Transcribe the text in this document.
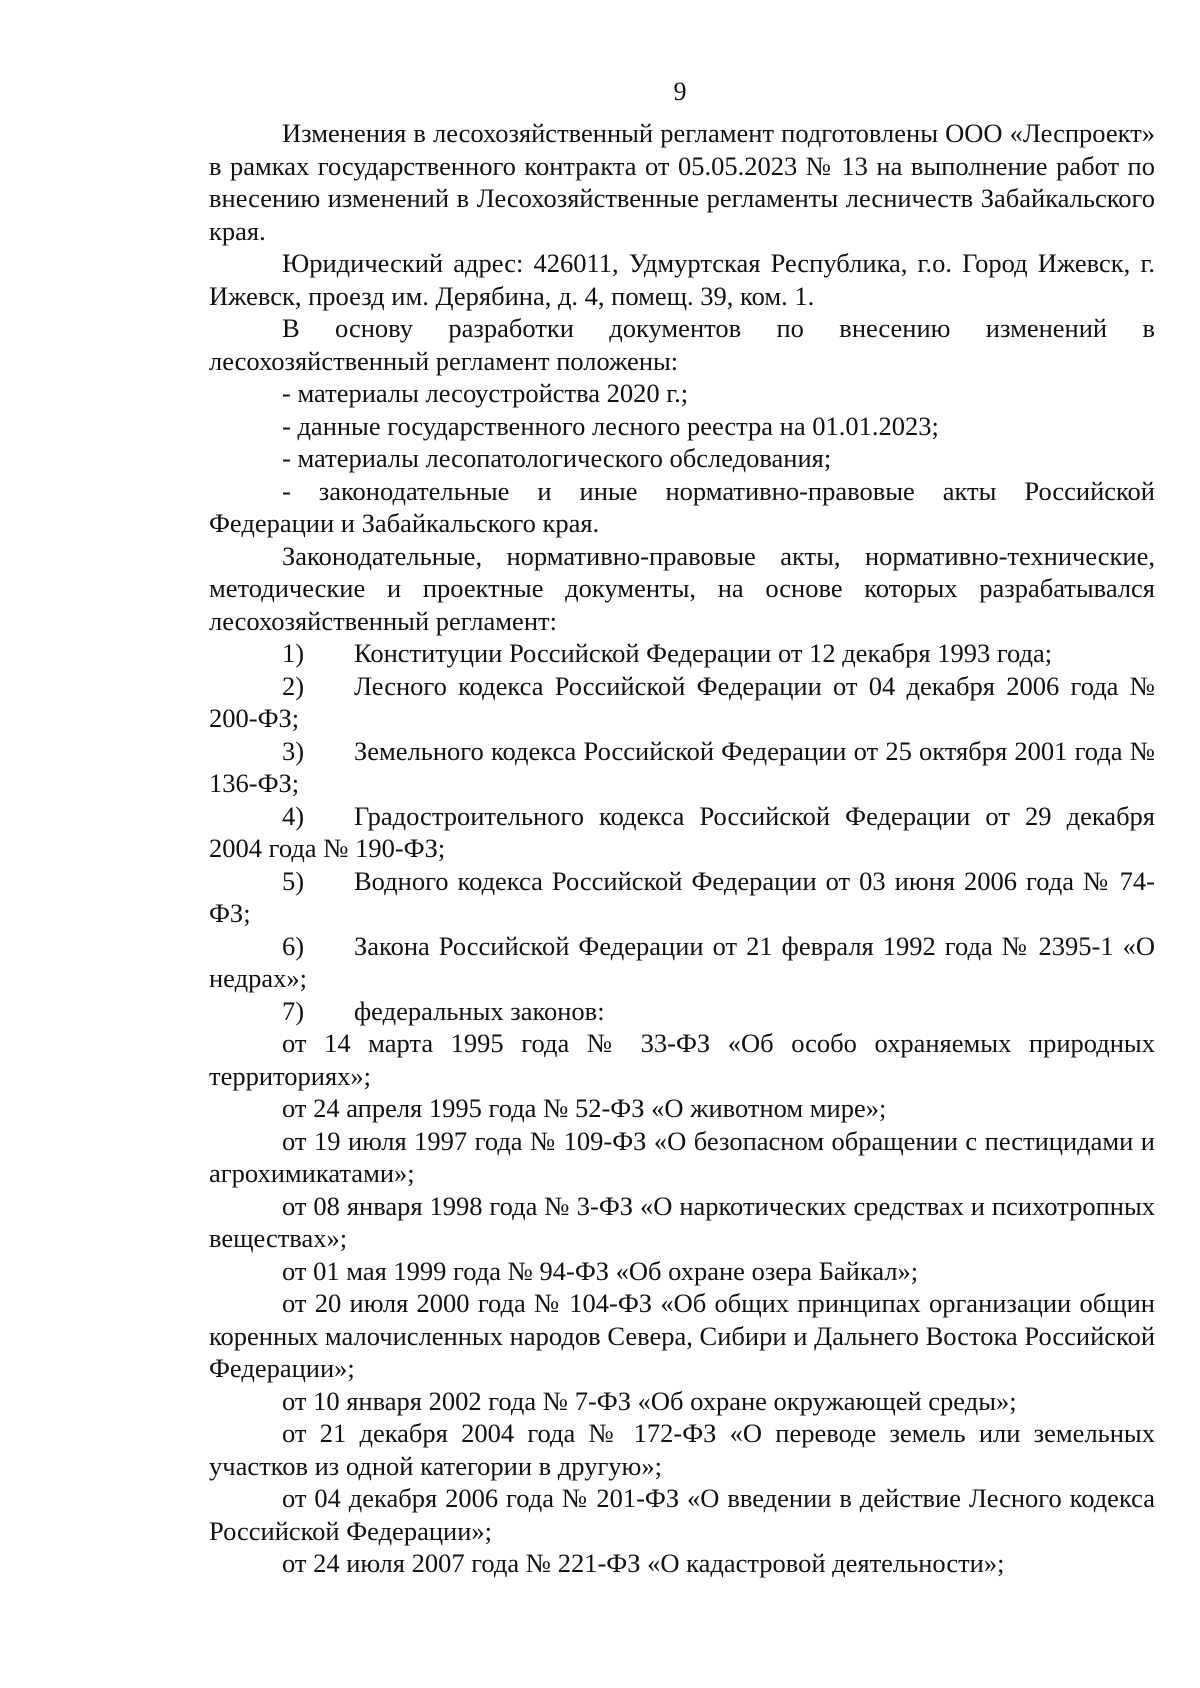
9

Изменения в лесохозяйственный регламент подготовлены ООО «Леспроект» в рамках государственного контракта от 05.05.2023 № 13 на выполнение работ по внесению изменений в Лесохозяйственные регламенты лесничеств Забайкальского края.

Юридический адрес: 426011, Удмуртская Республика, г.о. Город Ижевск, г. Ижевск, проезд им. Дерябина, д. 4, помещ. 39, ком. 1.

В основу разработки документов по внесению изменений в лесохозяйственный регламент положены:

- материалы лесоустройства 2020 г.;

- данные государственного лесного реестра на 01.01.2023;

- материалы лесопатологического обследования;

- законодательные и иные нормативно-правовые акты Российской Федерации и Забайкальского края.

Законодательные, нормативно-правовые акты, нормативно-технические, методические и проектные документы, на основе которых разрабатывался лесохозяйственный регламент:

1) Конституции Российской Федерации от 12 декабря 1993 года;

2) Лесного кодекса Российской Федерации от 04 декабря 2006 года № 200-ФЗ;

3) Земельного кодекса Российской Федерации от 25 октября 2001 года № 136-ФЗ;

4) Градостроительного кодекса Российской Федерации от 29 декабря 2004 года № 190-ФЗ;

5) Водного кодекса Российской Федерации от 03 июня 2006 года № 74-ФЗ;

6) Закона Российской Федерации от 21 февраля 1992 года № 2395-1 «О недрах»;

7) федеральных законов:

от 14 марта 1995 года № 33-ФЗ «Об особо охраняемых природных территориях»;

от 24 апреля 1995 года № 52-ФЗ «О животном мире»;

от 19 июля 1997 года № 109-ФЗ «О безопасном обращении с пестицидами и агрохимикатами»;

от 08 января 1998 года № 3-ФЗ «О наркотических средствах и психотропных веществах»;

от 01 мая 1999 года № 94-ФЗ «Об охране озера Байкал»;

от 20 июля 2000 года № 104-ФЗ «Об общих принципах организации общин коренных малочисленных народов Севера, Сибири и Дальнего Востока Российской Федерации»;

от 10 января 2002 года № 7-ФЗ «Об охране окружающей среды»;

от 21 декабря 2004 года № 172-ФЗ «О переводе земель или земельных участков из одной категории в другую»;

от 04 декабря 2006 года № 201-ФЗ «О введении в действие Лесного кодекса Российской Федерации»;

от 24 июля 2007 года № 221-ФЗ «О кадастровой деятельности»;
